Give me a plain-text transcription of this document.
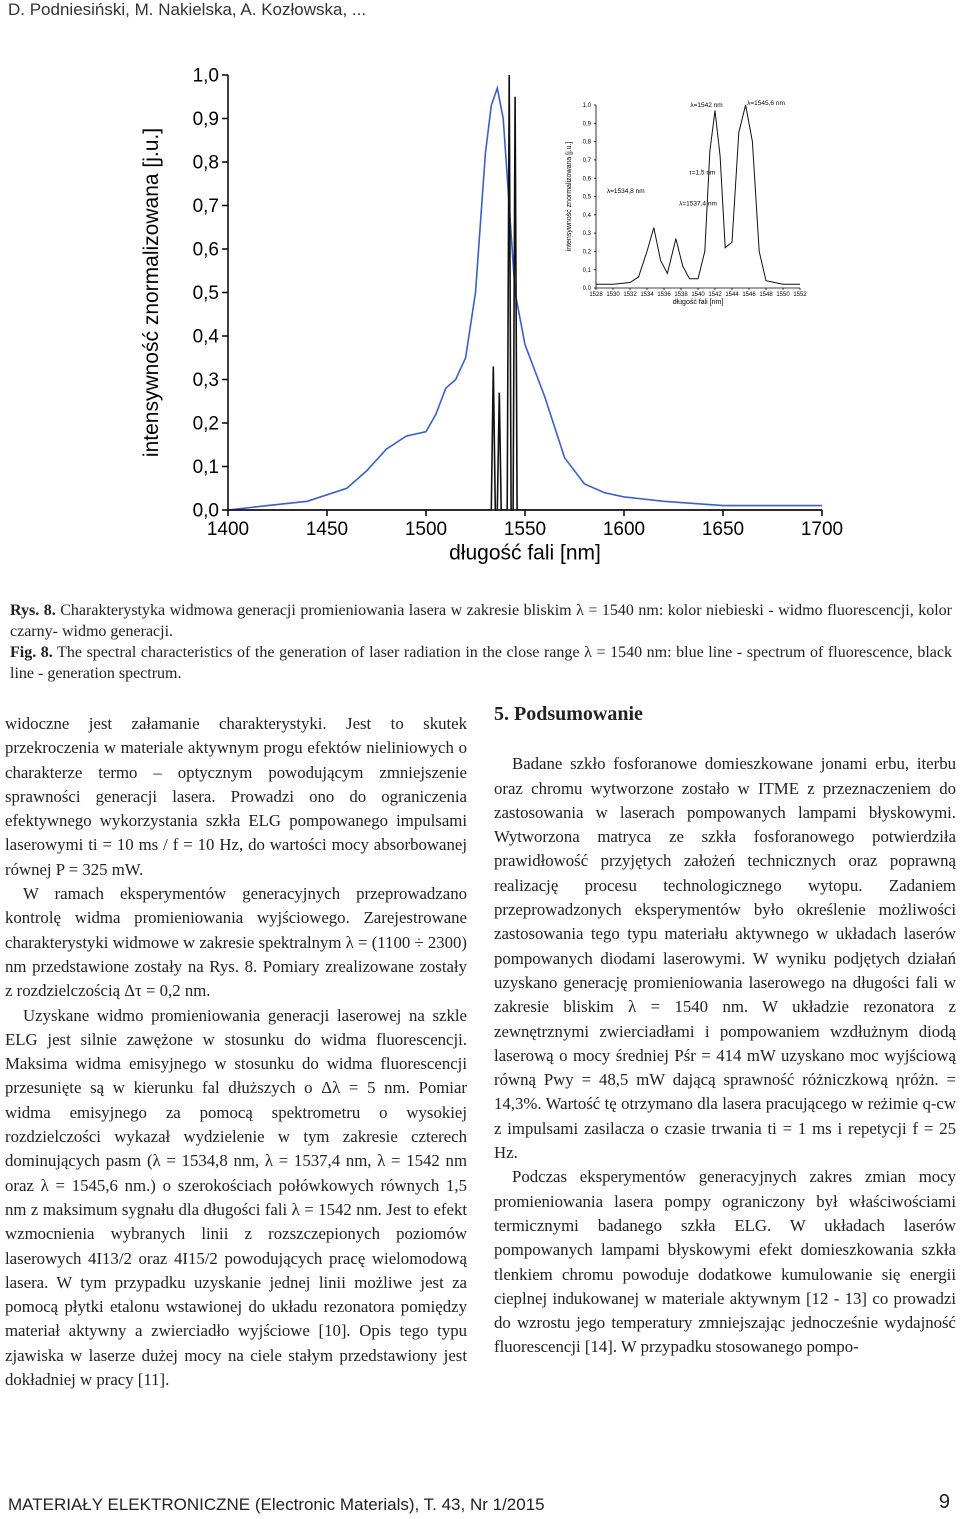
D. Podniesiński, M. Nakielska, A. Kozłowska, ...
0,0
0,1
0,2
0,3
0,4
0,5
0,6
0,7
0,8
0,9
1,0
1400	1450	1500	1550	1600	1650	1700
długość fali [nm]
intensywność znormalizowana [j.u.]	0,0
0,1
0,2
0,3
0,4
0,5
0,6
0,7
0,8
0,9
1,0
1528 1530 1532 1534 1536 1538 1540 1542 1544 1546 1548 1550 1552
długość fali [nm]
intensywność znormalizowana [j.u.]
λ=1542 nm	λ=1545,6 nm
τ=1,5 nm
λ=1534,8 nm
λ=1537,4 nm
Rys. 8. Charakterystyka widmowa generacji promieniowania lasera w zakresie bliskim λ = 1540 nm: kolor niebieski - widmo fluorescencji, kolor czarny- widmo generacji.
Fig. 8. The spectral characteristics of the generation of laser radiation in the close range λ = 1540 nm: blue line - spectrum of fluorescence, black line - generation spectrum.

widoczne jest załamanie charakterystyki. Jest to skutek przekroczenia w materiale aktywnym progu efektów nieliniowych o charakterze termo – optycznym powodującym zmniejszenie sprawności generacji lasera. Prowadzi ono do ograniczenia efektywnego wykorzystania szkła ELG pompowanego impulsami laserowymi ti = 10 ms / f = 10 Hz, do wartości mocy absorbowanej równej P = 325 mW.

W ramach eksperymentów generacyjnych przeprowadzano kontrolę widma promieniowania wyjściowego. Zarejestrowane charakterystyki widmowe w zakresie spektralnym λ = (1100 ÷ 2300) nm przedstawione zostały na Rys. 8. Pomiary zrealizowane zostały z rozdzielczością Δτ = 0,2 nm.

Uzyskane widmo promieniowania generacji laserowej na szkle ELG jest silnie zawężone w stosunku do widma fluorescencji. Maksima widma emisyjnego w stosunku do widma fluorescencji przesunięte są w kierunku fal dłuższych o Δλ = 5 nm. Pomiar widma emisyjnego za pomocą spektrometru o wysokiej rozdzielczości wykazał wydzielenie w tym zakresie czterech dominujących pasm (λ = 1534,8 nm, λ = 1537,4 nm, λ = 1542 nm oraz λ = 1545,6 nm.) o szerokościach połówkowych równych 1,5 nm z maksimum sygnału dla długości fali λ = 1542 nm. Jest to efekt wzmocnienia wybranych linii z rozszczepionych poziomów laserowych 4I13/2 oraz 4I15/2 powodujących pracę wielomodową lasera. W tym przypadku uzyskanie jednej linii możliwe jest za pomocą płytki etalonu wstawionej do układu rezonatora pomiędzy materiał aktywny a zwierciadło wyjściowe [10]. Opis tego typu zjawiska w laserze dużej mocy na ciele stałym przedstawiony jest dokładniej w pracy [11].

5. Podsumowanie

Badane szkło fosforanowe domieszkowane jonami erbu, iterbu oraz chromu wytworzone zostało w ITME z przeznaczeniem do zastosowania w laserach pompowanych lampami błyskowymi. Wytworzona matryca ze szkła fosforanowego potwierdziła prawidłowość przyjętych założeń technicznych oraz poprawną realizację procesu technologicznego wytopu. Zadaniem przeprowadzonych eksperymentów było określenie możliwości zastosowania tego typu materiału aktywnego w układach laserów pompowanych diodami laserowymi. W wyniku podjętych działań uzyskano generację promieniowania laserowego na długości fali w zakresie bliskim λ = 1540 nm. W układzie rezonatora z zewnętrznymi zwierciadłami i pompowaniem wzdłużnym diodą laserową o mocy średniej Pśr = 414 mW uzyskano moc wyjściową równą Pwy = 48,5 mW dającą sprawność różniczkową ηróżn. = 14,3%. Wartość tę otrzymano dla lasera pracującego w reżimie q-cw z impulsami zasilacza o czasie trwania ti = 1 ms i repetycji f = 25 Hz.

Podczas eksperymentów generacyjnych zakres zmian mocy promieniowania lasera pompy ograniczony był właściwościami termicznymi badanego szkła ELG. W układach laserów pompowanych lampami błyskowymi efekt domieszkowania szkła tlenkiem chromu powoduje dodatkowe kumulowanie się energii cieplnej indukowanej w materiale aktywnym [12 - 13] co prowadzi do wzrostu jego temperatury zmniejszając jednocześnie wydajność fluorescencji [14]. W przypadku stosowanego pompo-

MATERIAŁY ELEKTRONICZNE (Electronic Materials), T. 43, Nr 1/2015	9
